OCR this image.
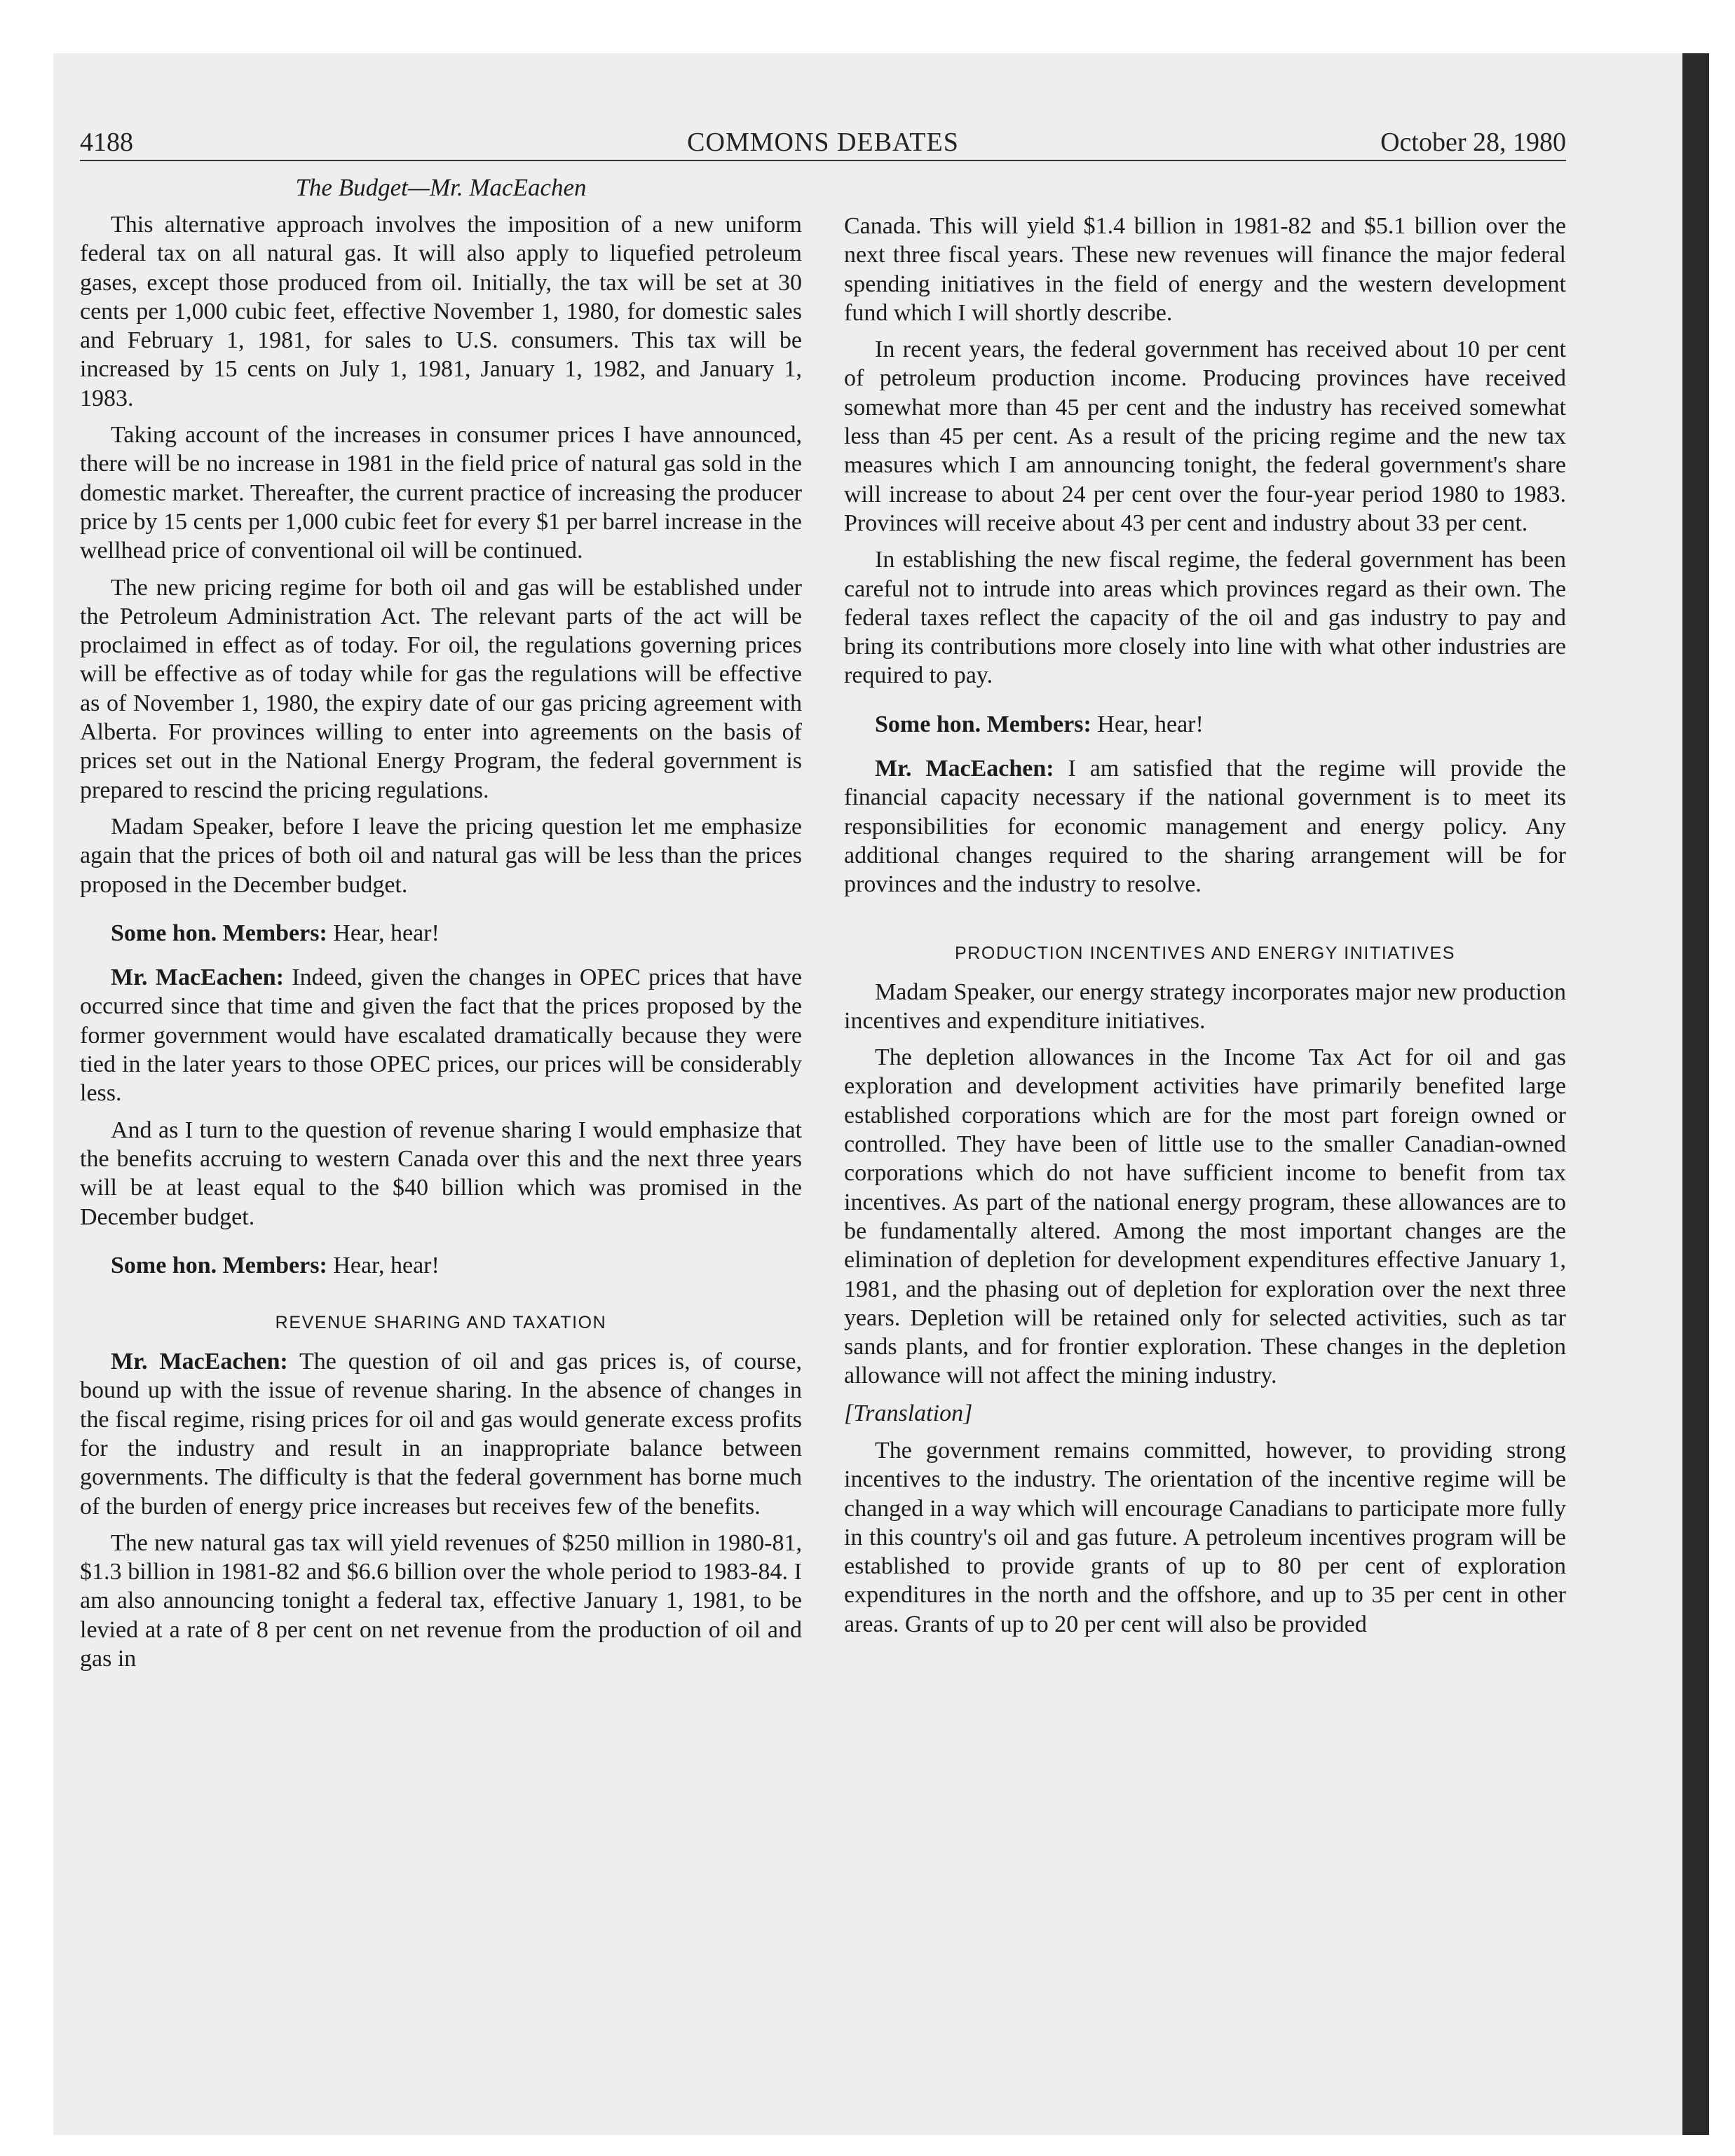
4188	COMMONS DEBATES	October 28, 1980
The Budget—Mr. MacEachen

This alternative approach involves the imposition of a new uniform federal tax on all natural gas. It will also apply to liquefied petroleum gases, except those produced from oil. Initially, the tax will be set at 30 cents per 1,000 cubic feet, effective November 1, 1980, for domestic sales and February 1, 1981, for sales to U.S. consumers. This tax will be increased by 15 cents on July 1, 1981, January 1, 1982, and January 1, 1983.

Taking account of the increases in consumer prices I have announced, there will be no increase in 1981 in the field price of natural gas sold in the domestic market. Thereafter, the current practice of increasing the producer price by 15 cents per 1,000 cubic feet for every $1 per barrel increase in the wellhead price of conventional oil will be continued.

The new pricing regime for both oil and gas will be established under the Petroleum Administration Act. The relevant parts of the act will be proclaimed in effect as of today. For oil, the regulations governing prices will be effective as of today while for gas the regulations will be effective as of November 1, 1980, the expiry date of our gas pricing agreement with Alberta. For provinces willing to enter into agreements on the basis of prices set out in the National Energy Program, the federal government is prepared to rescind the pricing regulations.

Madam Speaker, before I leave the pricing question let me emphasize again that the prices of both oil and natural gas will be less than the prices proposed in the December budget.

Some hon. Members: Hear, hear!

Mr. MacEachen: Indeed, given the changes in OPEC prices that have occurred since that time and given the fact that the prices proposed by the former government would have escalated dramatically because they were tied in the later years to those OPEC prices, our prices will be considerably less.

And as I turn to the question of revenue sharing I would emphasize that the benefits accruing to western Canada over this and the next three years will be at least equal to the $40 billion which was promised in the December budget.

Some hon. Members: Hear, hear!

REVENUE SHARING AND TAXATION

Mr. MacEachen: The question of oil and gas prices is, of course, bound up with the issue of revenue sharing. In the absence of changes in the fiscal regime, rising prices for oil and gas would generate excess profits for the industry and result in an inappropriate balance between governments. The difficulty is that the federal government has borne much of the burden of energy price increases but receives few of the benefits.

The new natural gas tax will yield revenues of $250 million in 1980-81, $1.3 billion in 1981-82 and $6.6 billion over the whole period to 1983-84. I am also announcing tonight a federal tax, effective January 1, 1981, to be levied at a rate of 8 per cent on net revenue from the production of oil and gas in

Canada. This will yield $1.4 billion in 1981-82 and $5.1 billion over the next three fiscal years. These new revenues will finance the major federal spending initiatives in the field of energy and the western development fund which I will shortly describe.

In recent years, the federal government has received about 10 per cent of petroleum production income. Producing provinces have received somewhat more than 45 per cent and the industry has received somewhat less than 45 per cent. As a result of the pricing regime and the new tax measures which I am announcing tonight, the federal government's share will increase to about 24 per cent over the four-year period 1980 to 1983. Provinces will receive about 43 per cent and industry about 33 per cent.

In establishing the new fiscal regime, the federal government has been careful not to intrude into areas which provinces regard as their own. The federal taxes reflect the capacity of the oil and gas industry to pay and bring its contributions more closely into line with what other industries are required to pay.

Some hon. Members: Hear, hear!

Mr. MacEachen: I am satisfied that the regime will provide the financial capacity necessary if the national government is to meet its responsibilities for economic management and energy policy. Any additional changes required to the sharing arrangement will be for provinces and the industry to resolve.

PRODUCTION INCENTIVES AND ENERGY INITIATIVES

Madam Speaker, our energy strategy incorporates major new production incentives and expenditure initiatives.

The depletion allowances in the Income Tax Act for oil and gas exploration and development activities have primarily benefited large established corporations which are for the most part foreign owned or controlled. They have been of little use to the smaller Canadian-owned corporations which do not have sufficient income to benefit from tax incentives. As part of the national energy program, these allowances are to be fundamentally altered. Among the most important changes are the elimination of depletion for development expenditures effective January 1, 1981, and the phasing out of depletion for exploration over the next three years. Depletion will be retained only for selected activities, such as tar sands plants, and for frontier exploration. These changes in the depletion allowance will not affect the mining industry.

[Translation]

The government remains committed, however, to providing strong incentives to the industry. The orientation of the incentive regime will be changed in a way which will encourage Canadians to participate more fully in this country's oil and gas future. A petroleum incentives program will be established to provide grants of up to 80 per cent of exploration expenditures in the north and the offshore, and up to 35 per cent in other areas. Grants of up to 20 per cent will also be provided
